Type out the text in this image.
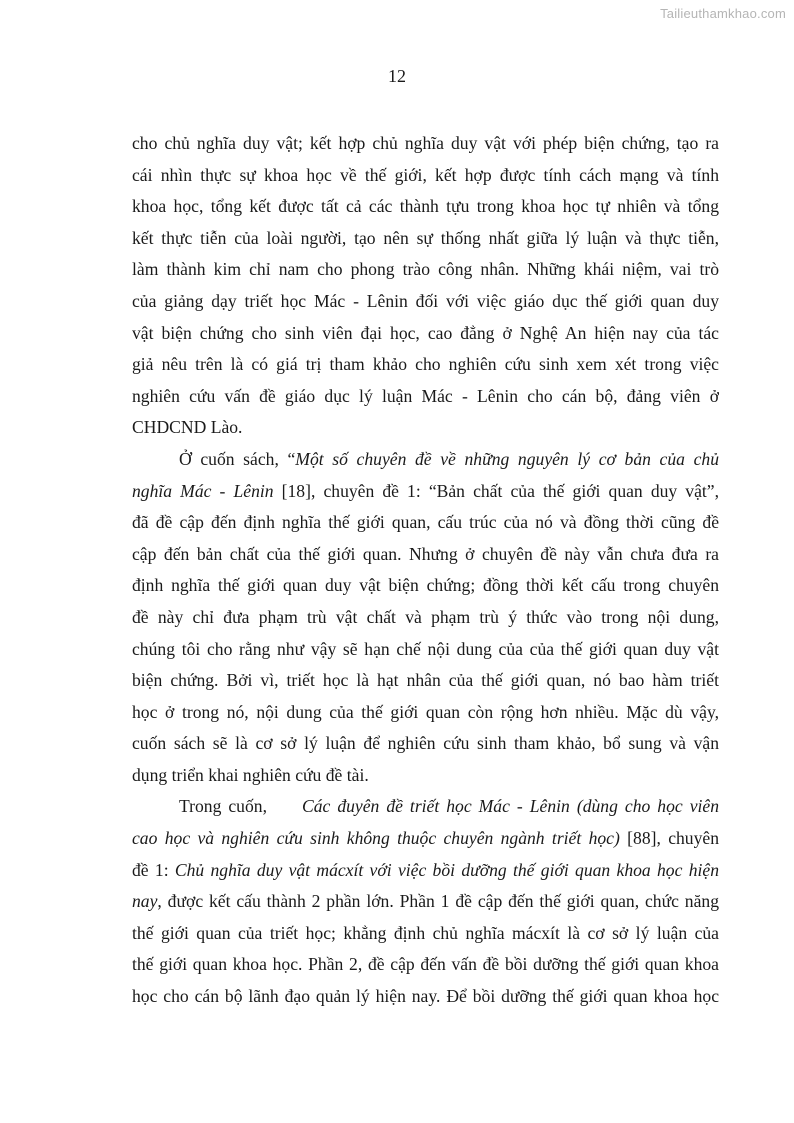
Tailieuthamkhao.com
12
cho chủ nghĩa duy vật; kết hợp chủ nghĩa duy vật với phép biện chứng, tạo ra
cái nhìn thực sự khoa học về thế giới, kết hợp được tính cách mạng và tính
khoa học, tổng kết được tất cả các thành tựu trong khoa học tự nhiên và tổng
kết thực tiễn của loài người, tạo nên sự thống nhất giữa lý luận và thực tiễn,
làm thành kim chỉ nam cho phong trào công nhân. Những khái niệm, vai trò
của giảng dạy triết học Mác - Lênin đối với việc giáo dục thế giới quan duy
vật biện chứng cho sinh viên đại học, cao đẳng ở Nghệ An hiện nay của tác
giả nêu trên là có giá trị tham khảo cho nghiên cứu sinh xem xét trong việc
nghiên cứu vấn đề giáo dục lý luận Mác - Lênin cho cán bộ, đảng viên ở
CHDCND Lào.
Ở cuốn sách, “Một số chuyên đề về những nguyên lý cơ bản của chủ
nghĩa Mác - Lênin [18], chuyên đề 1: “Bản chất của thế giới quan duy vật”,
đã đề cập đến định nghĩa thế giới quan, cấu trúc của nó và đồng thời cũng đề
cập đến bản chất của thế giới quan. Nhưng ở chuyên đề này vẫn chưa đưa ra
định nghĩa thế giới quan duy vật biện chứng; đồng thời kết cấu trong chuyên
đề này chỉ đưa phạm trù vật chất và phạm trù ý thức vào trong nội dung,
chúng tôi cho rằng như vậy sẽ hạn chế nội dung của của thế giới quan duy vật
biện chứng. Bởi vì, triết học là hạt nhân của thế giới quan, nó bao hàm triết
học ở trong nó, nội dung của thế giới quan còn rộng hơn nhiều. Mặc dù vậy,
cuốn sách sẽ là cơ sở lý luận để nghiên cứu sinh tham khảo, bổ sung và vận
dụng triển khai nghiên cứu đề tài.
Trong cuốn, Các đuyên đề triết học Mác - Lênin (dùng cho học viên
cao học và nghiên cứu sinh không thuộc chuyên ngành triết học) [88], chuyên
đề 1: Chủ nghĩa duy vật mácxít với việc bồi dưỡng thế giới quan khoa học hiện
nay, được kết cấu thành 2 phần lớn. Phần 1 đề cập đến thế giới quan, chức năng
thế giới quan của triết học; khẳng định chủ nghĩa mácxít là cơ sở lý luận của
thế giới quan khoa học. Phần 2, đề cập đến vấn đề bồi dưỡng thế giới quan khoa
học cho cán bộ lãnh đạo quản lý hiện nay. Để bồi dưỡng thế giới quan khoa học
